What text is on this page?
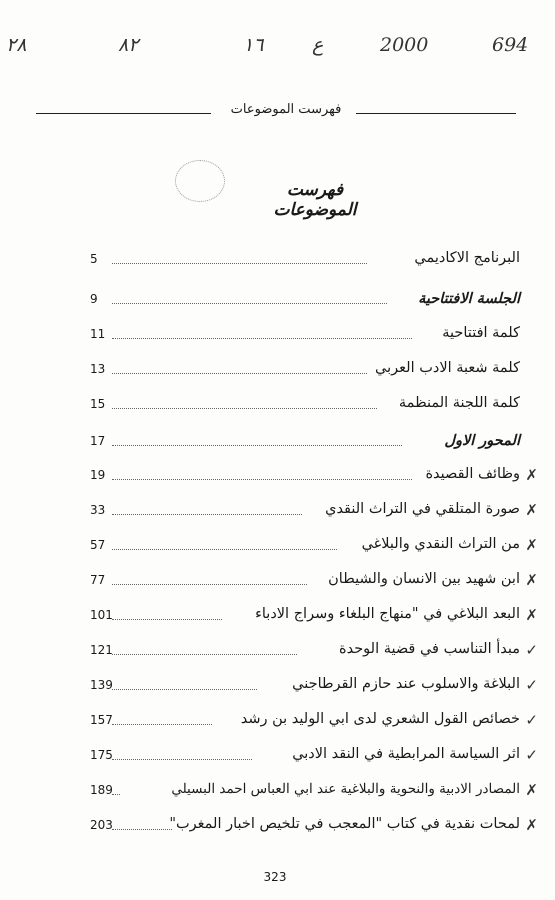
٢٨	٨٢	١٦	ع	2000	694
فهرست الموضوعات
فهرست الموضوعات
5	البرنامج الاكاديمي
9	الجلسة الافتتاحية
11	كلمة افتتاحية
13	كلمة شعبة الادب العربي
15	كلمة اللجنة المنظمة
17	المحور الاول
19	وظائف القصيدة ✗
33	صورة المتلقي في التراث النقدي ✗
57	من التراث النقدي والبلاغي ✗
77	ابن شهيد بين الانسان والشيطان ✗
101	البعد البلاغي في "منهاج البلغاء وسراج الادباء ✗
121	مبدأ التناسب في قضية الوحدة ✓
139	البلاغة والاسلوب عند حازم القرطاجني ✓
157	خصائص القول الشعري لدى ابي الوليد بن رشد ✓
175	اثر السياسة المرابطية في النقد الادبي ✓
189	المصادر الادبية والنحوية والبلاغية عند ابي العباس احمد البسيلي ✗
203	لمحات نقدية في كتاب "المعجب في تلخيص اخبار المغرب" ✗
323
